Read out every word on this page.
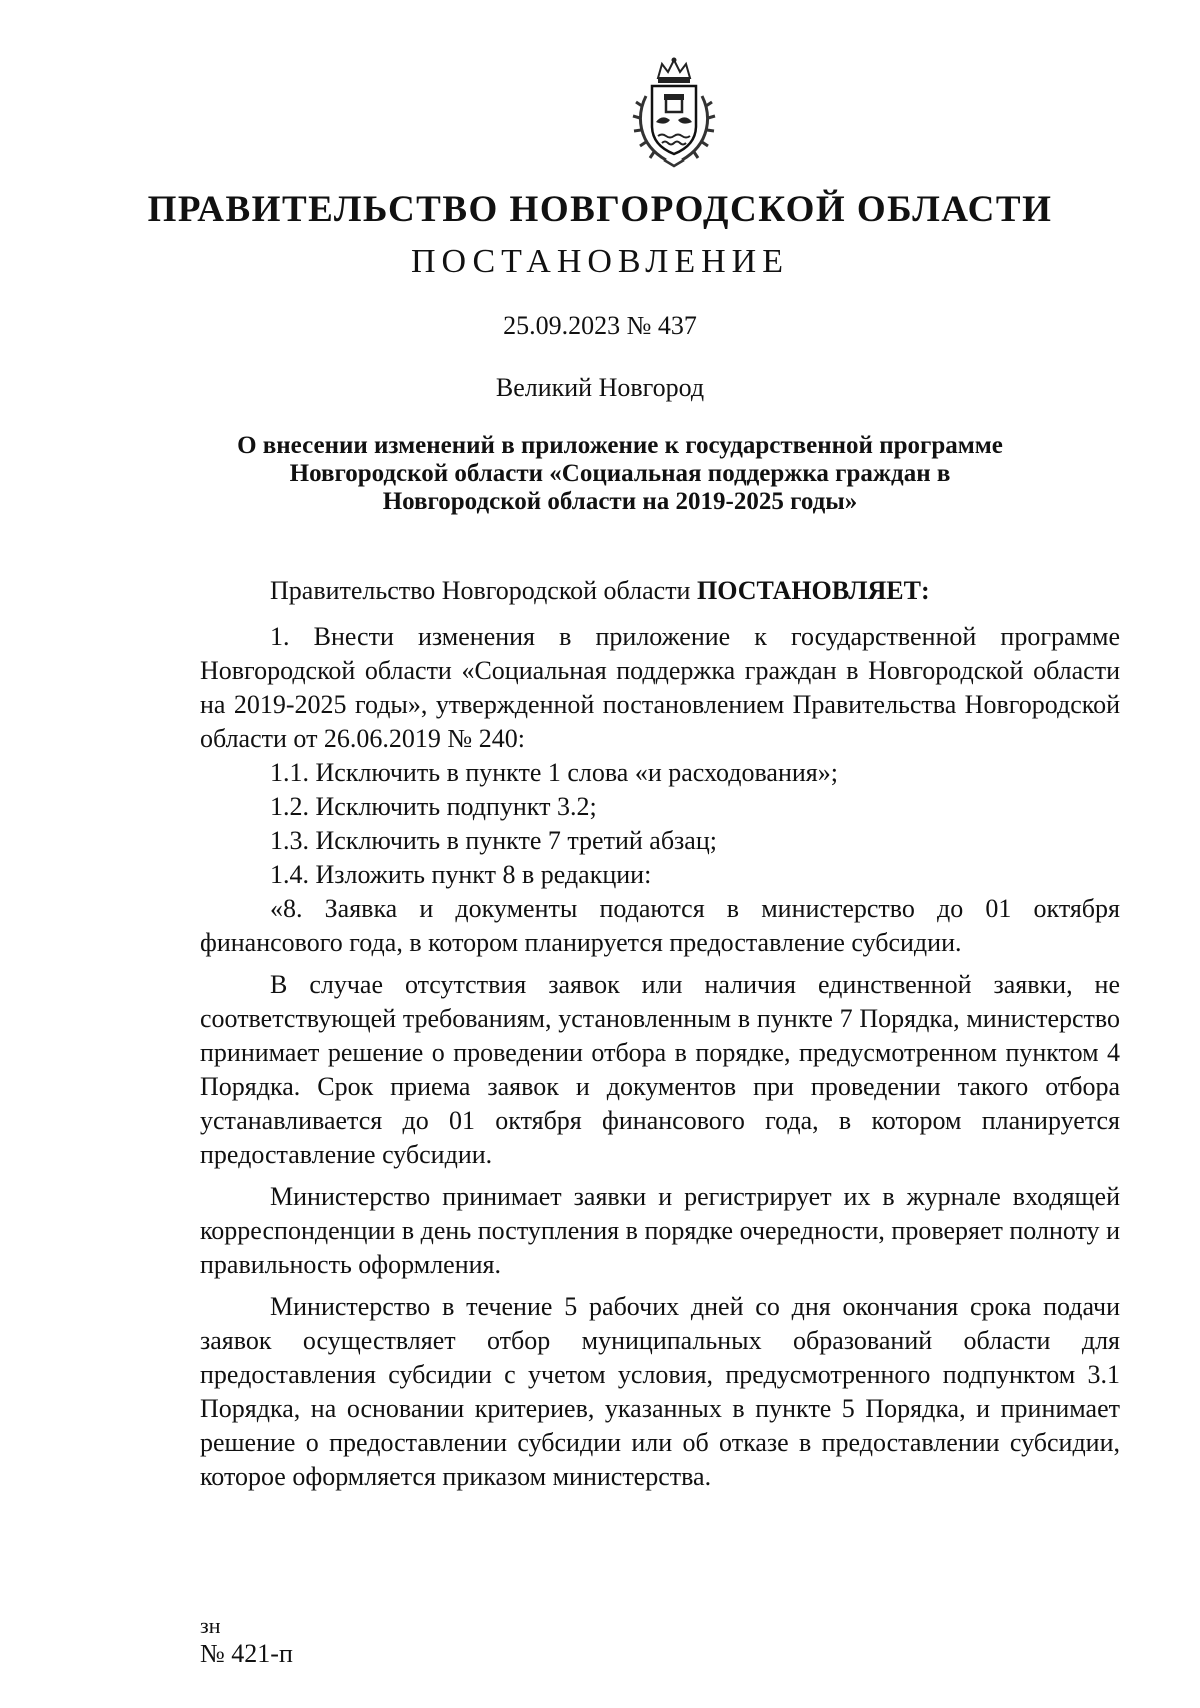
ПРАВИТЕЛЬСТВО НОВГОРОДСКОЙ ОБЛАСТИ
ПОСТАНОВЛЕНИЕ
25.09.2023 № 437
Великий Новгород
О внесении изменений в приложение к государственной программе Новгородской области «Социальная поддержка граждан в Новгородской области на 2019-2025 годы»

Правительство Новгородской области ПОСТАНОВЛЯЕТ:

1. Внести изменения в приложение к государственной программе Новгородской области «Социальная поддержка граждан в Новгородской области на 2019-2025 годы», утвержденной постановлением Правительства Новгородской области от 26.06.2019 № 240:

1.1. Исключить в пункте 1 слова «и расходования»;

1.2. Исключить подпункт 3.2;

1.3. Исключить в пункте 7 третий абзац;

1.4. Изложить пункт 8 в редакции:

«8. Заявка и документы подаются в министерство до 01 октября финансового года, в котором планируется предоставление субсидии.

В случае отсутствия заявок или наличия единственной заявки, не соответствующей требованиям, установленным в пункте 7 Порядка, министерство принимает решение о проведении отбора в порядке, предусмотренном пунктом 4 Порядка. Срок приема заявок и документов при проведении такого отбора устанавливается до 01 октября финансового года, в котором планируется предоставление субсидии.

Министерство принимает заявки и регистрирует их в журнале входящей корреспонденции в день поступления в порядке очередности, проверяет полноту и правильность оформления.

Министерство в течение 5 рабочих дней со дня окончания срока подачи заявок осуществляет отбор муниципальных образований области для предоставления субсидии с учетом условия, предусмотренного подпунктом 3.1 Порядка, на основании критериев, указанных в пункте 5 Порядка, и принимает решение о предоставлении субсидии или об отказе в предоставлении субсидии, которое оформляется приказом министерства.

зн
№ 421-п
